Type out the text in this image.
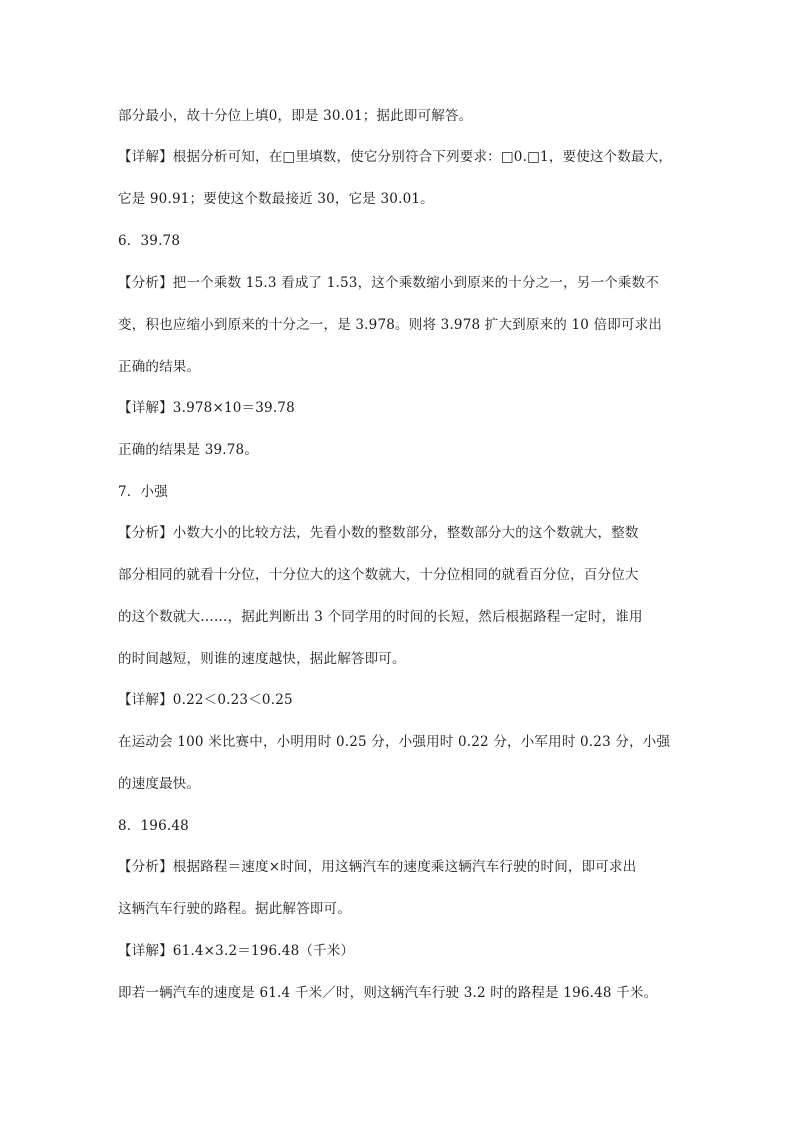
部分最小，故十分位上填0，即是 30.01；据此即可解答。
【详解】根据分析可知，在□里填数，使它分别符合下列要求：□0.□1，要使这个数最大，
它是 90.91；要使这个数最接近 30，它是 30.01。
6．39.78
【分析】把一个乘数 15.3 看成了 1.53，这个乘数缩小到原来的十分之一，另一个乘数不
变，积也应缩小到原来的十分之一，是 3.978。则将 3.978 扩大到原来的 10 倍即可求出
正确的结果。
【详解】3.978×10＝39.78
正确的结果是 39.78。
7．小强
【分析】小数大小的比较方法，先看小数的整数部分，整数部分大的这个数就大，整数
部分相同的就看十分位，十分位大的这个数就大，十分位相同的就看百分位，百分位大
的这个数就大……，据此判断出 3 个同学用的时间的长短，然后根据路程一定时，谁用
的时间越短，则谁的速度越快，据此解答即可。
【详解】0.22＜0.23＜0.25
在运动会 100 米比赛中，小明用时 0.25 分，小强用时 0.22 分，小军用时 0.23 分，小强
的速度最快。
8．196.48
【分析】根据路程＝速度×时间，用这辆汽车的速度乘这辆汽车行驶的时间，即可求出
这辆汽车行驶的路程。据此解答即可。
【详解】61.4×3.2＝196.48（千米）
即若一辆汽车的速度是 61.4 千米／时，则这辆汽车行驶 3.2 时的路程是 196.48 千米。
